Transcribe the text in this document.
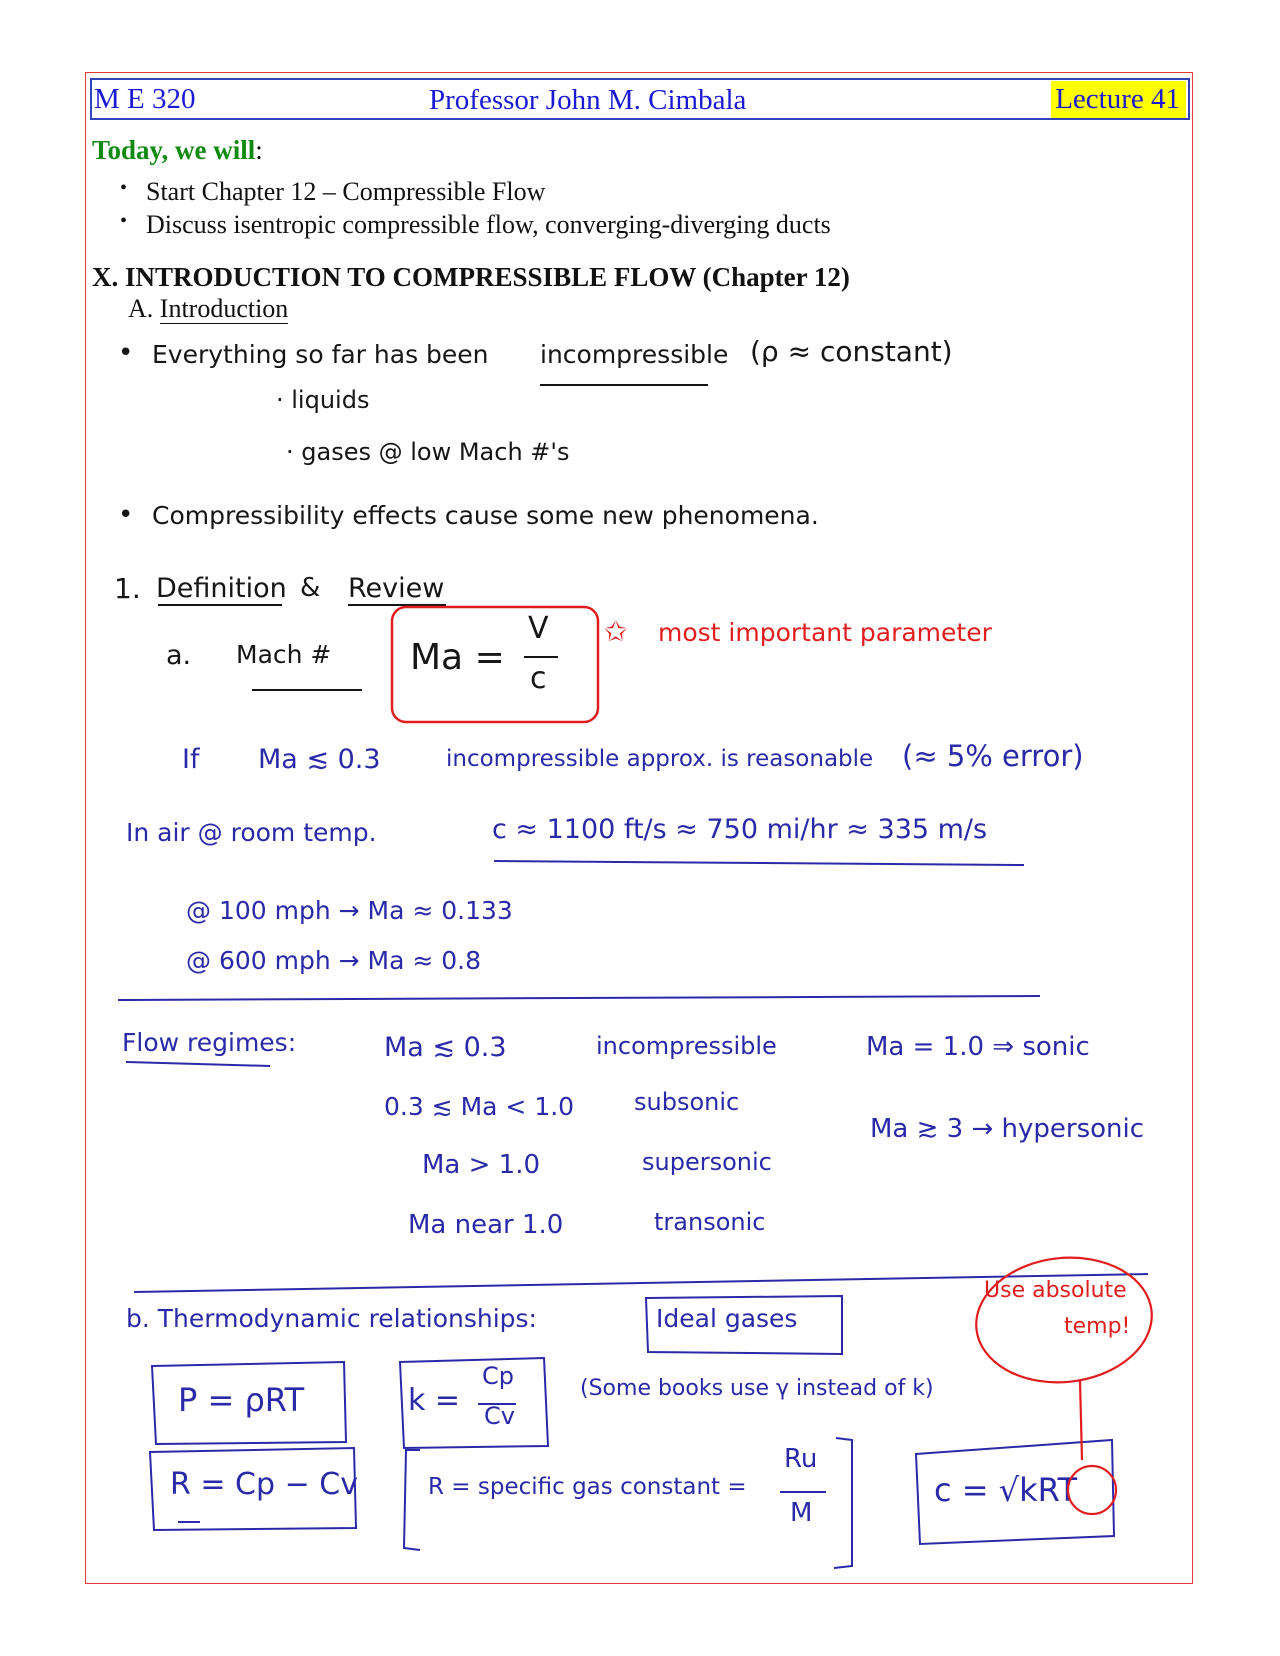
M E 320	Professor John M. Cimbala	Lecture 41
Today, we will:
• Start Chapter 12 – Compressible Flow
• Discuss isentropic compressible flow, converging-diverging ducts
X. INTRODUCTION TO COMPRESSIBLE FLOW (Chapter 12)
A. Introduction
• Everything so far has been incompressible (ρ ≈ constant)
· liquids
· gases @ low Mach #'s
• Compressibility effects cause some new phenomena.
1. Definition & Review
a. Mach # Ma =
V
c
✩ most important parameter
If Ma ≲ 0.3	incompressible approx. is reasonable (≈ 5% error)
In air @ room temp.	c ≈ 1100 ft/s ≈ 750 mi/hr ≈ 335 m/s
@ 100 mph → Ma ≈ 0.133
@ 600 mph → Ma ≈ 0.8
Flow regimes:	Ma ≲ 0.3	incompressible
0.3 ≲ Ma < 1.0 subsonic
Ma > 1.0	supersonic
Ma near 1.0	transonic
Ma = 1.0 ⇒ sonic
Ma ≳ 3 → hypersonic
b. Thermodynamic relationships:	Ideal gases
Use absolute
temp!
P = ρRT	k =
Cp
Cv
(Some books use γ instead of k)
R = Cp − Cv	R = specific gas constant =
Ru
M
c = √kRT
